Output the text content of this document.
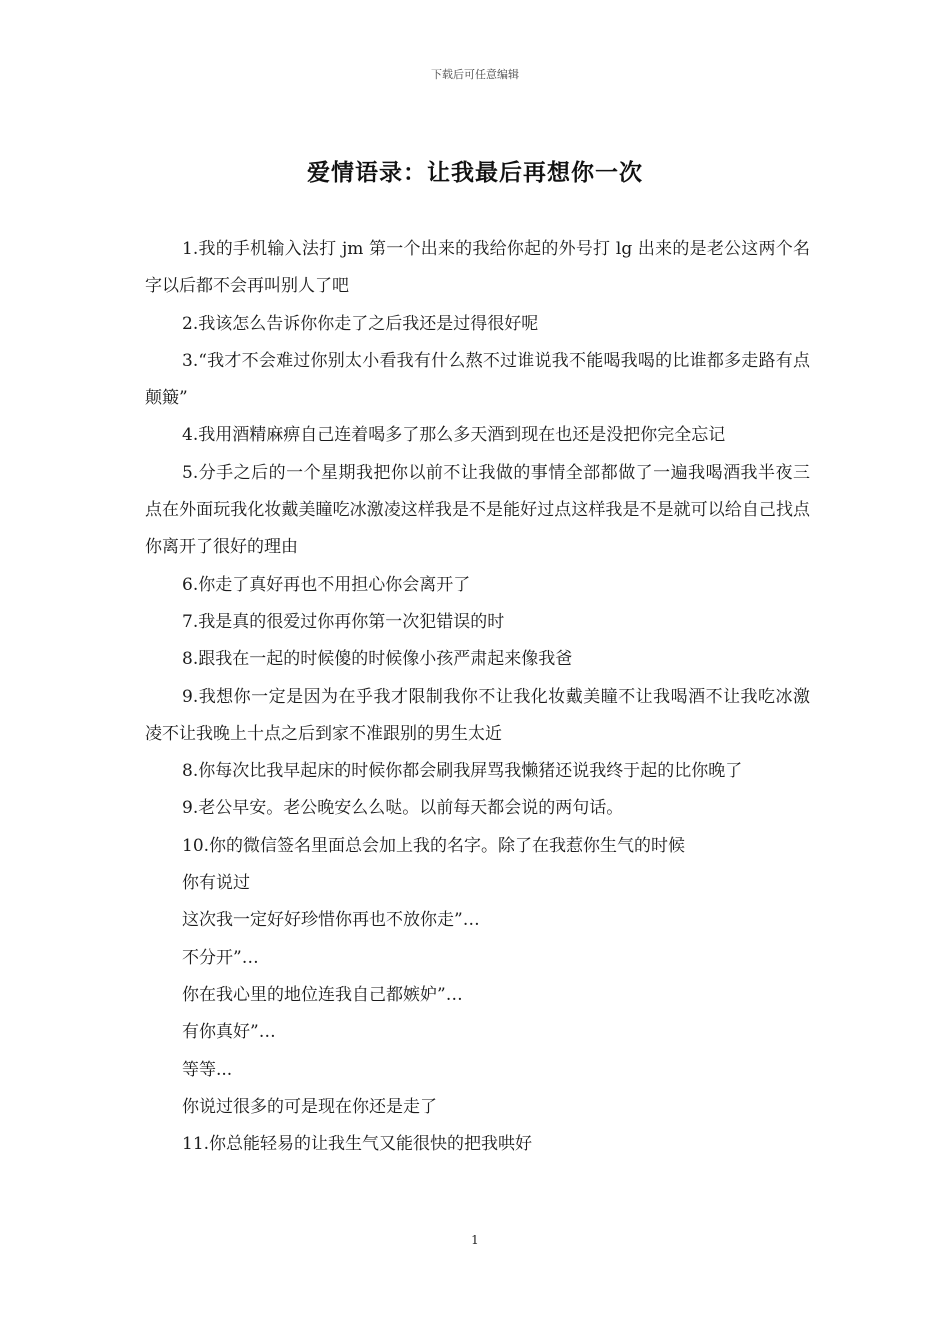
下载后可任意编辑
爱情语录：让我最后再想你一次

1.我的手机输入法打 jm 第一个出来的我给你起的外号打 lg 出来的是老公这两个名字以后都不会再叫别人了吧

2.我该怎么告诉你你走了之后我还是过得很好呢

3.“我才不会难过你别太小看我有什么熬不过谁说我不能喝我喝的比谁都多走路有点颠簸”

4.我用酒精麻痹自己连着喝多了那么多天酒到现在也还是没把你完全忘记

5.分手之后的一个星期我把你以前不让我做的事情全部都做了一遍我喝酒我半夜三点在外面玩我化妆戴美瞳吃冰激凌这样我是不是能好过点这样我是不是就可以给自己找点你离开了很好的理由

6.你走了真好再也不用担心你会离开了

7.我是真的很爱过你再你第一次犯错误的时

8.跟我在一起的时候傻的时候像小孩严肃起来像我爸

9.我想你一定是因为在乎我才限制我你不让我化妆戴美瞳不让我喝酒不让我吃冰激凌不让我晚上十点之后到家不准跟别的男生太近

8.你每次比我早起床的时候你都会刷我屏骂我懒猪还说我终于起的比你晚了

9.老公早安。老公晚安么么哒。以前每天都会说的两句话。

10.你的微信签名里面总会加上我的名字。除了在我惹你生气的时候

你有说过

这次我一定好好珍惜你再也不放你走”…

不分开”…

你在我心里的地位连我自己都嫉妒”…

有你真好”…

等等...

你说过很多的可是现在你还是走了

11.你总能轻易的让我生气又能很快的把我哄好

1
